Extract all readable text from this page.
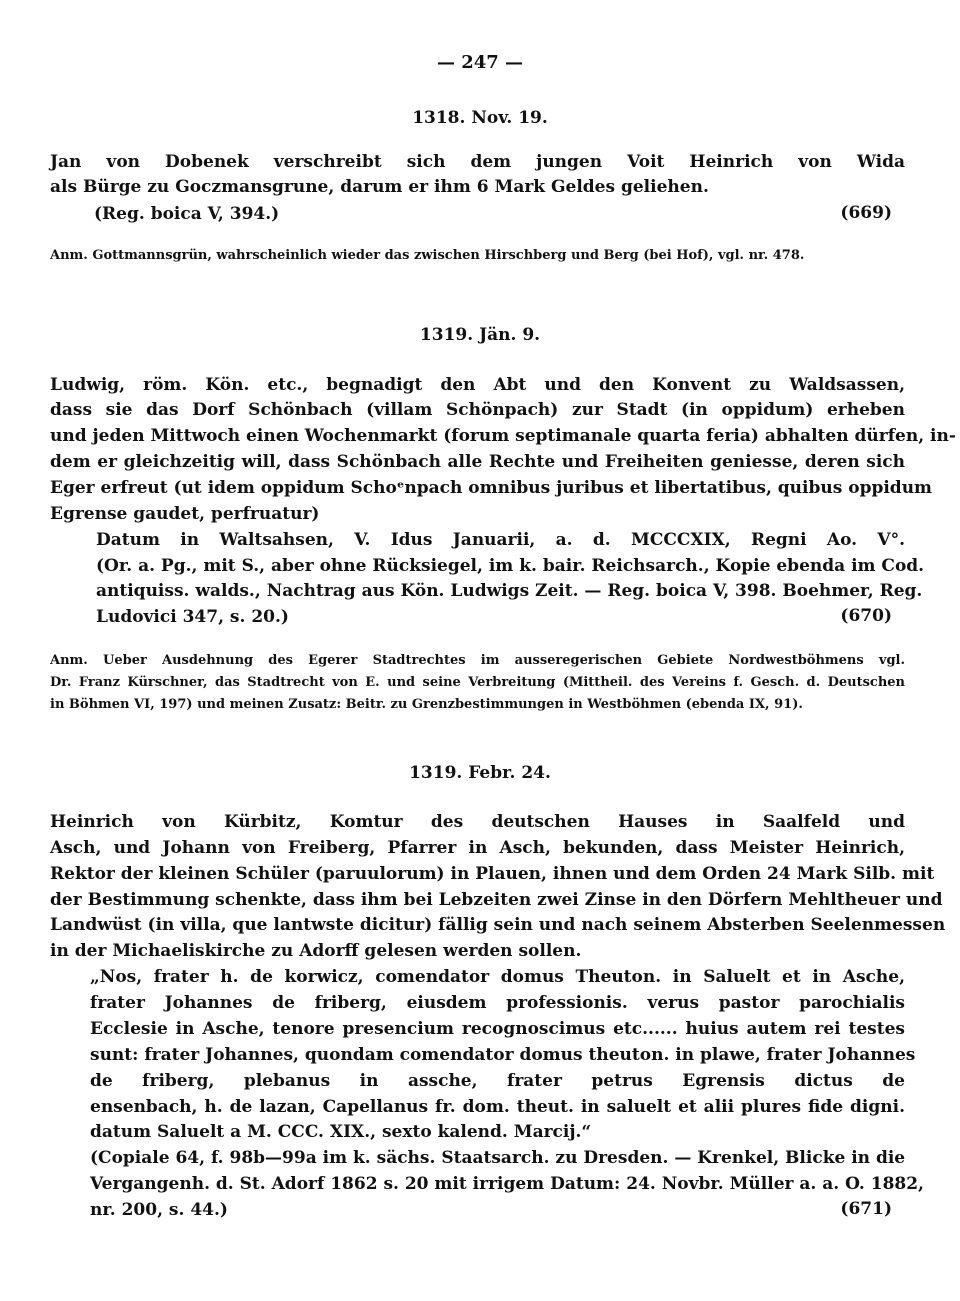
— 247 —
1318. Nov. 19.
Jan von Dobenek verschreibt sich dem jungen Voit Heinrich von Wida
als Bürge zu Goczmansgrune, darum er ihm 6 Mark Geldes geliehen.
(Reg. boica V, 394.)	(669)
Anm. Gottmannsgrün, wahrscheinlich wieder das zwischen Hirschberg und Berg (bei Hof), vgl. nr. 478.
1319. Jän. 9.
Ludwig, röm. Kön. etc., begnadigt den Abt und den Konvent zu Waldsassen,
dass sie das Dorf Schönbach (villam Schönpach) zur Stadt (in oppidum) erheben
und jeden Mittwoch einen Wochenmarkt (forum septimanale quarta feria) abhalten dürfen, in-
dem er gleichzeitig will, dass Schönbach alle Rechte und Freiheiten geniesse, deren sich
Eger erfreut (ut idem oppidum Schoᵉnpach omnibus juribus et libertatibus, quibus oppidum
Egrense gaudet, perfruatur)
Datum in Waltsahsen, V. Idus Januarii, a. d. MCCCXIX, Regni Ao. V°.
(Or. a. Pg., mit S., aber ohne Rücksiegel, im k. bair. Reichsarch., Kopie ebenda im Cod.
antiquiss. walds., Nachtrag aus Kön. Ludwigs Zeit. — Reg. boica V, 398. Boehmer, Reg.
Ludovici 347, s. 20.)	(670)
Anm. Ueber Ausdehnung des Egerer Stadtrechtes im ausseregerischen Gebiete Nordwestböhmens vgl.
Dr. Franz Kürschner, das Stadtrecht von E. und seine Verbreitung (Mittheil. des Vereins f. Gesch. d. Deutschen
in Böhmen VI, 197) und meinen Zusatz: Beitr. zu Grenzbestimmungen in Westböhmen (ebenda IX, 91).
1319. Febr. 24.
Heinrich von Kürbitz, Komtur des deutschen Hauses in Saalfeld und
Asch, und Johann von Freiberg, Pfarrer in Asch, bekunden, dass Meister Heinrich,
Rektor der kleinen Schüler (paruulorum) in Plauen, ihnen und dem Orden 24 Mark Silb. mit
der Bestimmung schenkte, dass ihm bei Lebzeiten zwei Zinse in den Dörfern Mehltheuer und
Landwüst (in villa, que lantwste dicitur) fällig sein und nach seinem Absterben Seelenmessen
in der Michaeliskirche zu Adorff gelesen werden sollen.
„Nos, frater h. de korwicz, comendator domus Theuton. in Saluelt et in Asche,
frater Johannes de friberg, eiusdem professionis. verus pastor parochialis
Ecclesie in Asche, tenore presencium recognoscimus etc...... huius autem rei testes
sunt: frater Johannes, quondam comendator domus theuton. in plawe, frater Johannes
de friberg, plebanus in assche, frater petrus Egrensis dictus de
ensenbach, h. de lazan, Capellanus fr. dom. theut. in saluelt et alii plures fide digni.
datum Saluelt a M. CCC. XIX., sexto kalend. Marcij.“
(Copiale 64, f. 98b—99a im k. sächs. Staatsarch. zu Dresden. — Krenkel, Blicke in die
Vergangenh. d. St. Adorf 1862 s. 20 mit irrigem Datum: 24. Novbr. Müller a. a. O. 1882,
nr. 200, s. 44.)	(671)
